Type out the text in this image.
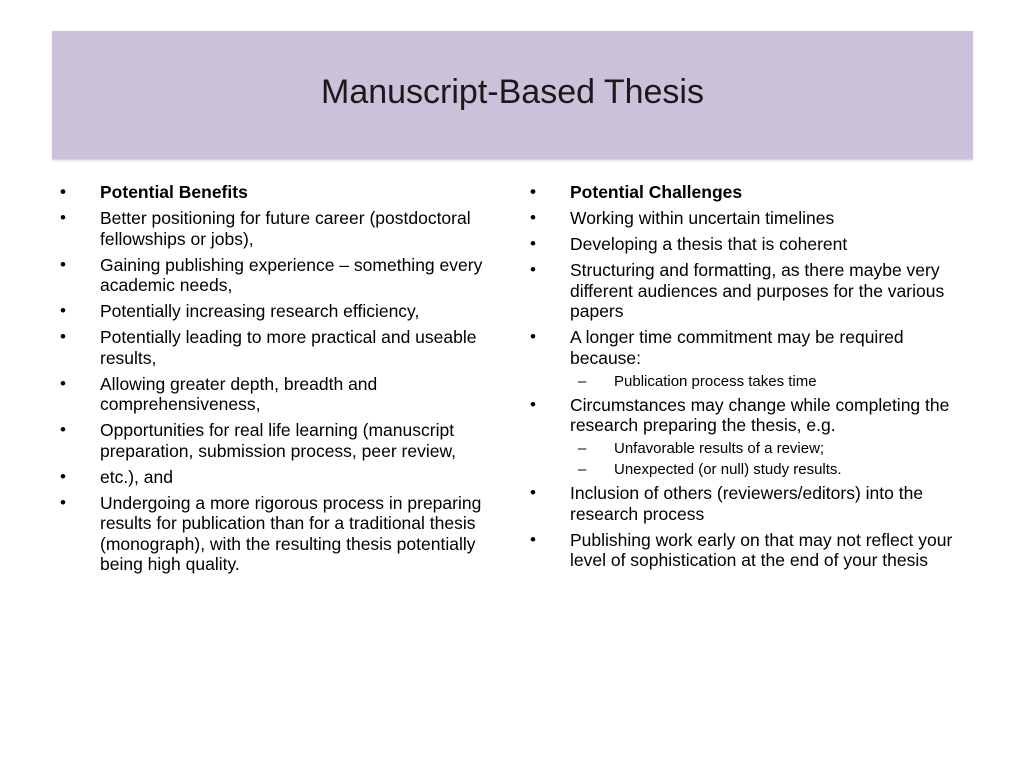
Manuscript-Based Thesis
• Potential Benefits
• Better positioning for future career (postdoctoral fellowships or jobs),
• Gaining publishing experience – something every academic needs,
• Potentially increasing research efficiency,
• Potentially leading to more practical and useable results,
• Allowing greater depth, breadth and comprehensiveness,
• Opportunities for real life learning (manuscript preparation, submission process, peer review,
• etc.), and
• Undergoing a more rigorous process in preparing results for publication than for a traditional thesis (monograph), with the resulting thesis potentially being high quality.
• Potential Challenges
• Working within uncertain timelines
• Developing a thesis that is coherent
• Structuring and formatting, as there maybe very different audiences and purposes for the various papers
• A longer time commitment may be required because:
– Publication process takes time
• Circumstances may change while completing the research preparing the thesis, e.g.
– Unfavorable results of a review;
– Unexpected (or null) study results.
• Inclusion of others (reviewers/editors) into the research process
• Publishing work early on that may not reflect your level of sophistication at the end of your thesis
